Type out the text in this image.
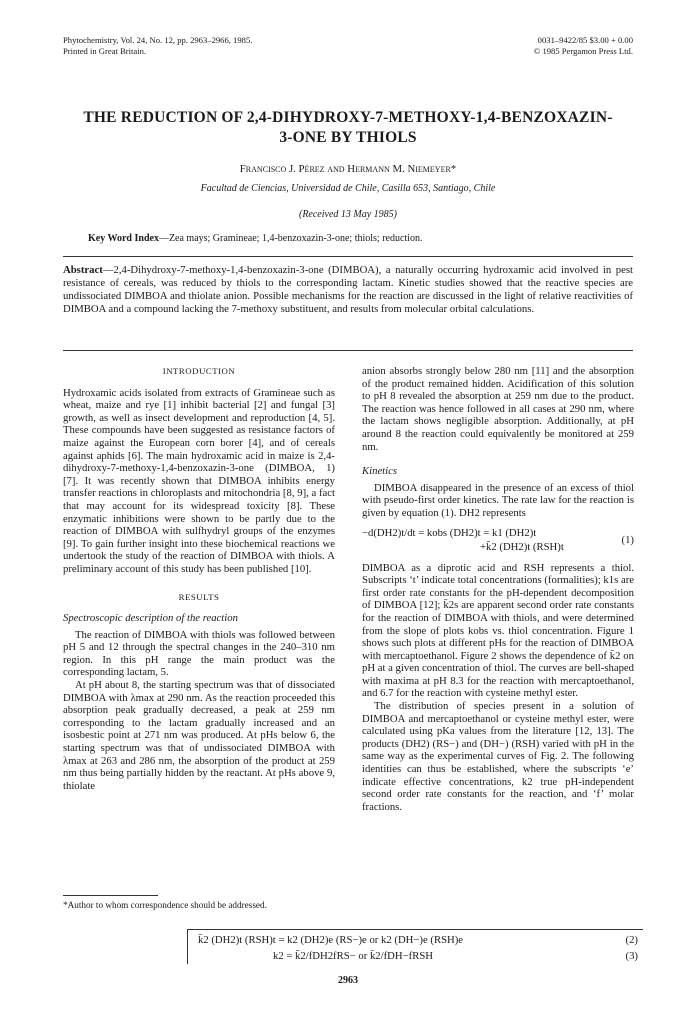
Phytochemistry, Vol. 24, No. 12, pp. 2963–2966, 1985.
Printed in Great Britain.
0031–9422/85 $3.00 + 0.00
© 1985 Pergamon Press Ltd.
THE REDUCTION OF 2,4-DIHYDROXY-7-METHOXY-1,4-BENZOXAZIN-
3-ONE BY THIOLS
Francisco J. Pérez and Hermann M. Niemeyer*
Facultad de Ciencias, Universidad de Chile, Casilla 653, Santiago, Chile
(Received 13 May 1985)
Key Word Index—Zea mays; Gramineae; 1,4-benzoxazin-3-one; thiols; reduction.
Abstract—2,4-Dihydroxy-7-methoxy-1,4-benzoxazin-3-one (DIMBOA), a naturally occurring hydroxamic acid involved in pest resistance of cereals, was reduced by thiols to the corresponding lactam. Kinetic studies showed that the reactive species are undissociated DIMBOA and thiolate anion. Possible mechanisms for the reaction are discussed in the light of relative reactivities of DIMBOA and a compound lacking the 7-methoxy substituent, and results from molecular orbital calculations.
INTRODUCTION

Hydroxamic acids isolated from extracts of Gramineae such as wheat, maize and rye [1] inhibit bacterial [2] and fungal [3] growth, as well as insect development and reproduction [4, 5]. These compounds have been suggested as resistance factors of maize against the European corn borer [4], and of cereals against aphids [6]. The main hydroxamic acid in maize is 2,4-dihydroxy-7-methoxy-1,4-benzoxazin-3-one (DIMBOA, 1) [7]. It was recently shown that DIMBOA inhibits energy transfer reactions in chloroplasts and mitochondria [8, 9], a fact that may account for its widespread toxicity [8]. These enzymatic inhibitions were shown to be partly due to the reaction of DIMBOA with sulfhydryl groups of the enzymes [9]. To gain further insight into these biochemical reactions we undertook the study of the reaction of DIMBOA with thiols. A preliminary account of this study has been published [10].

RESULTS
Spectroscopic description of the reaction

The reaction of DIMBOA with thiols was followed between pH 5 and 12 through the spectral changes in the 240–310 nm region. In this pH range the main product was the corresponding lactam, 5.

At pH about 8, the starting spectrum was that of dissociated DIMBOA with λmax at 290 nm. As the reaction proceeded this absorption peak gradually decreased, a peak at 259 nm corresponding to the lactam gradually increased and an isosbestic point at 271 nm was produced. At pHs below 6, the starting spectrum was that of undissociated DIMBOA with λmax at 263 and 286 nm, the absorption of the product at 259 nm thus being partially hidden by the reactant. At pHs above 9, thiolate

anion absorbs strongly below 280 nm [11] and the absorption of the product remained hidden. Acidification of this solution to pH 8 revealed the absorption at 259 nm due to the product. The reaction was hence followed in all cases at 290 nm, where the lactam shows negligible absorption. Additionally, at pH around 8 the reaction could equivalently be monitored at 259 nm.

Kinetics

DIMBOA disappeared in the presence of an excess of thiol with pseudo-first order kinetics. The rate law for the reaction is given by equation (1). DH2 represents

−d(DH2)t/dt = kobs (DH2)t = k1 (DH2)t
+k̄2 (DH2)t (RSH)t
(1)

DIMBOA as a diprotic acid and RSH represents a thiol. Subscripts ‘t’ indicate total concentrations (formalities); k1s are first order rate constants for the pH-dependent decomposition of DIMBOA [12]; k̄2s are apparent second order rate constants for the reaction of DIMBOA with thiols, and were determined from the slope of plots kobs vs. thiol concentration. Figure 1 shows such plots at different pHs for the reaction of DIMBOA with mercaptoethanol. Figure 2 shows the dependence of k̄2 on pH at a given concentration of thiol. The curves are bell-shaped with maxima at pH 8.3 for the reaction with mercaptoethanol, and 6.7 for the reaction with cysteine methyl ester.

The distribution of species present in a solution of DIMBOA and mercaptoethanol or cysteine methyl ester, were calculated using pKa values from the literature [12, 13]. The products (DH2) (RS−) and (DH−) (RSH) varied with pH in the same way as the experimental curves of Fig. 2. The following identities can thus be established, where the subscripts ‘e’ indicate effective concentrations, k2 true pH-independent second order rate constants for the reaction, and ‘f’ molar fractions.

*Author to whom correspondence should be addressed.
k̄2 (DH2)t (RSH)t = k2 (DH2)e (RS−)e or k2 (DH−)e (RSH)e	(2)
k2 = k̄2/fDH2fRS− or k̄2/fDH−fRSH	(3)
2963
